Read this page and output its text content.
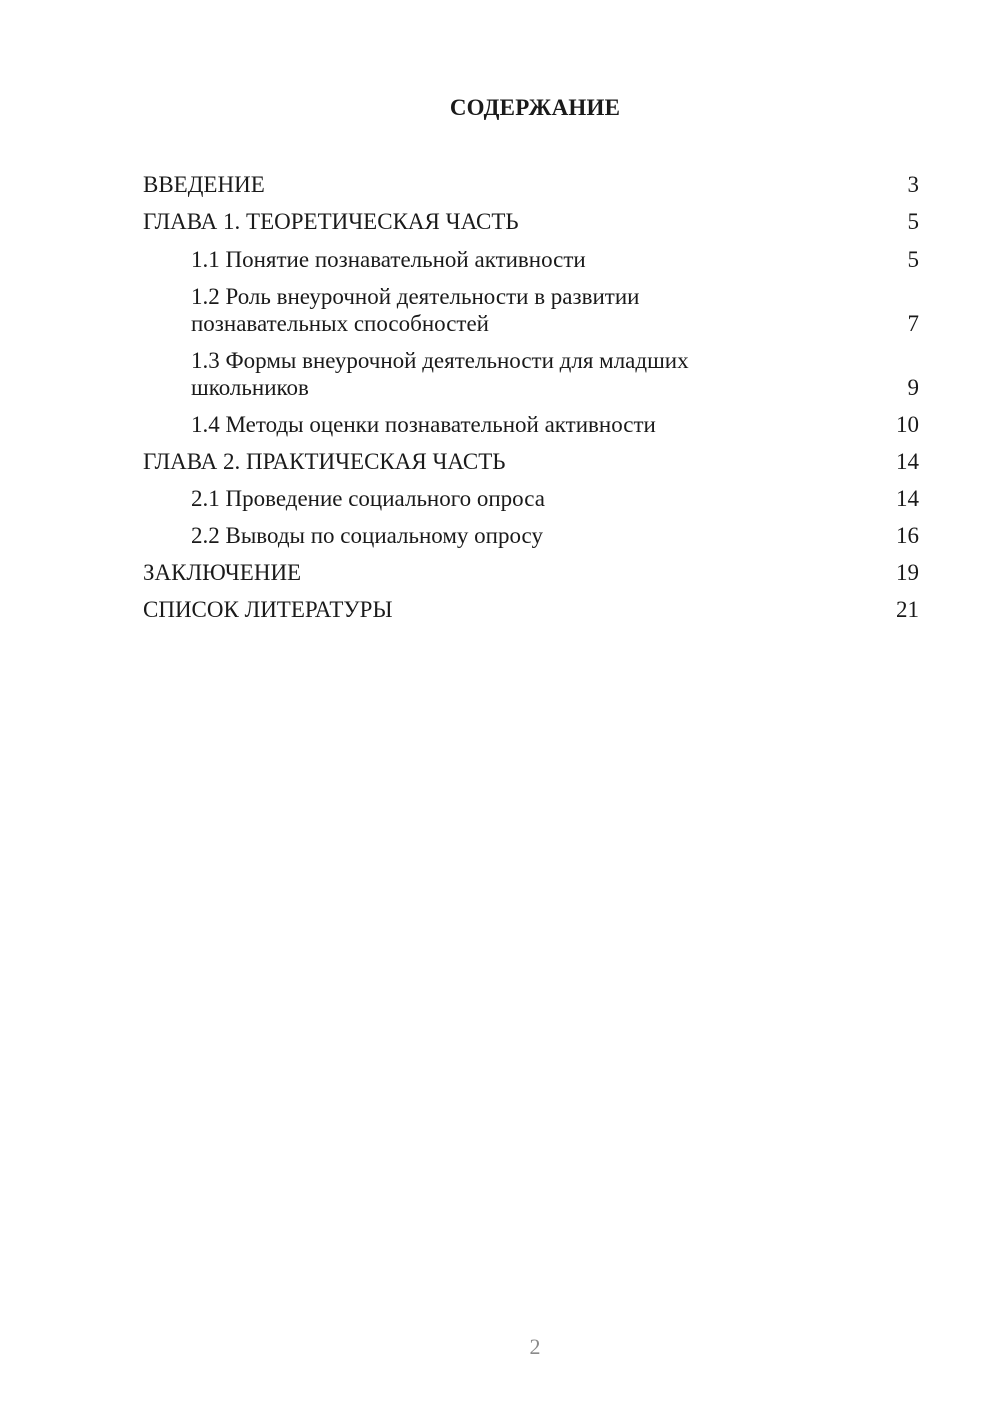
СОДЕРЖАНИЕ
ВВЕДЕНИЕ	3
ГЛАВА 1. ТЕОРЕТИЧЕСКАЯ ЧАСТЬ	5
1.1 Понятие познавательной активности	5
1.2 Роль внеурочной деятельности в развитии познавательных способностей	7
1.3 Формы внеурочной деятельности для младших школьников	9
1.4 Методы оценки познавательной активности	10
ГЛАВА 2. ПРАКТИЧЕСКАЯ ЧАСТЬ	14
2.1 Проведение социального опроса	14
2.2 Выводы по социальному опросу	16
ЗАКЛЮЧЕНИЕ	19
СПИСОК ЛИТЕРАТУРЫ	21
2
